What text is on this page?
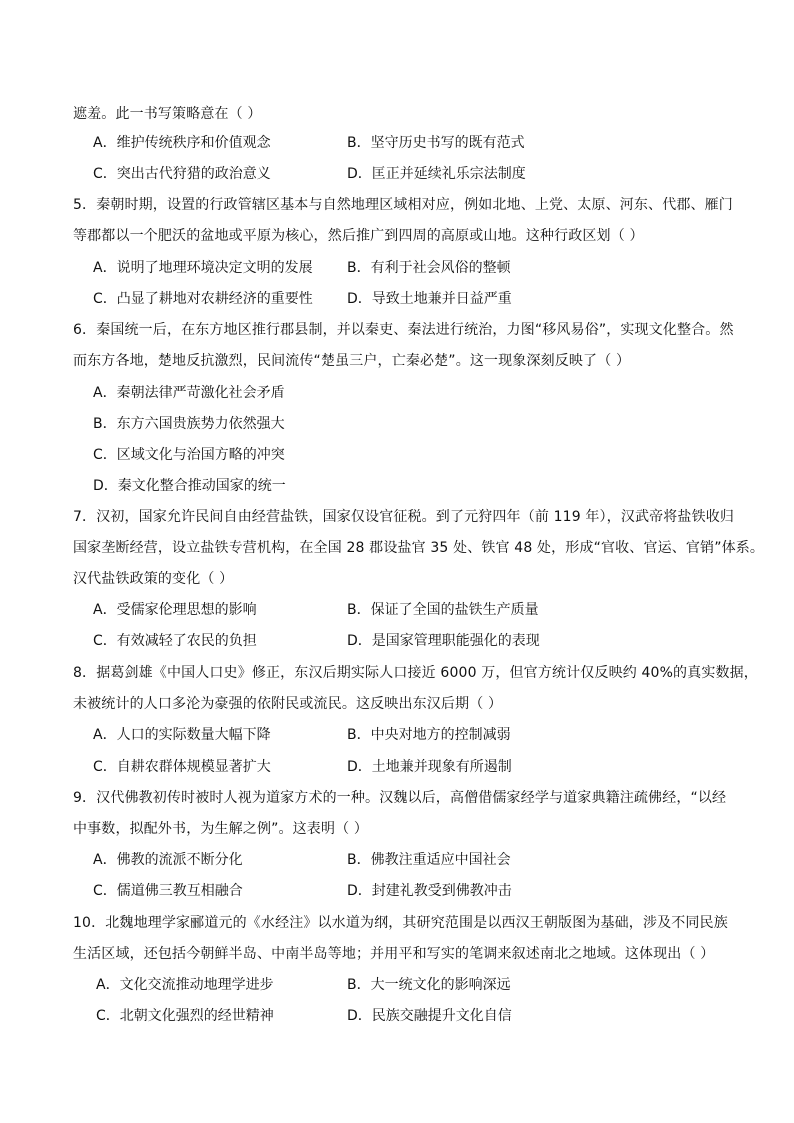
遮羞。此一书写策略意在（ ）
A．维护传统秩序和价值观念	B．坚守历史书写的既有范式
C．突出古代狩猎的政治意义	D．匡正并延续礼乐宗法制度
5．秦朝时期，设置的行政管辖区基本与自然地理区域相对应，例如北地、上党、太原、河东、代郡、雁门
等郡都以一个肥沃的盆地或平原为核心，然后推广到四周的高原或山地。这种行政区划（ ）
A．说明了地理环境决定文明的发展 B．有利于社会风俗的整顿
C．凸显了耕地对农耕经济的重要性 D．导致土地兼并日益严重
6．秦国统一后，在东方地区推行郡县制，并以秦吏、秦法进行统治，力图“移风易俗”，实现文化整合。然
而东方各地，楚地反抗激烈，民间流传“楚虽三户，亡秦必楚”。这一现象深刻反映了（ ）
A．秦朝法律严苛激化社会矛盾
B．东方六国贵族势力依然强大
C．区域文化与治国方略的冲突
D．秦文化整合推动国家的统一
7．汉初，国家允许民间自由经营盐铁，国家仅设官征税。到了元狩四年（前 119 年），汉武帝将盐铁收归
国家垄断经营，设立盐铁专营机构，在全国 28 郡设盐官 35 处、铁官 48 处，形成“官收、官运、官销”体系。
汉代盐铁政策的变化（ ）
A．受儒家伦理思想的影响	B．保证了全国的盐铁生产质量
C．有效减轻了农民的负担	D．是国家管理职能强化的表现
8．据葛剑雄《中国人口史》修正，东汉后期实际人口接近 6000 万，但官方统计仅反映约 40%的真实数据，
未被统计的人口多沦为豪强的依附民或流民。这反映出东汉后期（ ）
A．人口的实际数量大幅下降	B．中央对地方的控制减弱
C．自耕农群体规模显著扩大	D．土地兼并现象有所遏制
9．汉代佛教初传时被时人视为道家方术的一种。汉魏以后，高僧借儒家经学与道家典籍注疏佛经，“以经
中事数，拟配外书，为生解之例”。这表明（ ）
A．佛教的流派不断分化	B．佛教注重适应中国社会
C．儒道佛三教互相融合	D．封建礼教受到佛教冲击
10．北魏地理学家郦道元的《水经注》以水道为纲，其研究范围是以西汉王朝版图为基础，涉及不同民族
生活区域，还包括今朝鲜半岛、中南半岛等地；并用平和写实的笔调来叙述南北之地域。这体现出（ ）
A．文化交流推动地理学进步	B．大一统文化的影响深远
C．北朝文化强烈的经世精神	D．民族交融提升文化自信
